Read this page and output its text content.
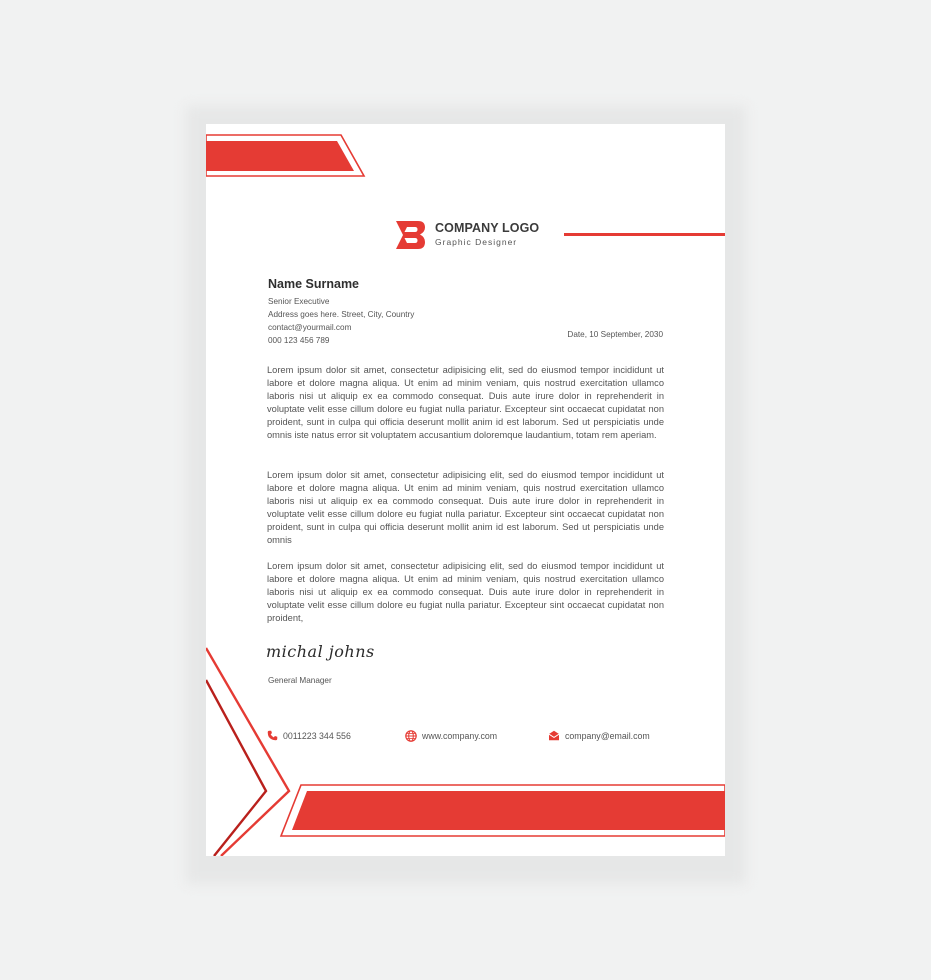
COMPANY LOGO
Graphic Designer
Name Surname
Senior Executive
Address goes here. Street, City, Country
contact@yourmail.com
000 123 456 789
Date, 10 September, 2030
Lorem ipsum dolor sit amet, consectetur adipisicing elit, sed do eiusmod tempor incididunt ut labore et dolore magna aliqua. Ut enim ad minim veniam, quis nostrud exercitation ullamco laboris nisi ut aliquip ex ea commodo consequat. Duis aute irure dolor in reprehenderit in voluptate velit esse cillum dolore eu fugiat nulla pariatur. Excepteur sint occaecat cupidatat non proident, sunt in culpa qui officia deserunt mollit anim id est laborum. Sed ut perspiciatis unde omnis iste natus error sit voluptatem accusantium doloremque laudantium, totam rem aperiam.
Lorem ipsum dolor sit amet, consectetur adipisicing elit, sed do eiusmod tempor incididunt ut labore et dolore magna aliqua. Ut enim ad minim veniam, quis nostrud exercitation ullamco laboris nisi ut aliquip ex ea commodo consequat. Duis aute irure dolor in reprehenderit in voluptate velit esse cillum dolore eu fugiat nulla pariatur. Excepteur sint occaecat cupidatat non proident, sunt in culpa qui officia deserunt mollit anim id est laborum. Sed ut perspiciatis unde omnis
Lorem ipsum dolor sit amet, consectetur adipisicing elit, sed do eiusmod tempor incididunt ut labore et dolore magna aliqua. Ut enim ad minim veniam, quis nostrud exercitation ullamco laboris nisi ut aliquip ex ea commodo consequat. Duis aute irure dolor in reprehenderit in voluptate velit esse cillum dolore eu fugiat nulla pariatur. Excepteur sint occaecat cupidatat non proident,
michal johns
General Manager
0011223 344 556	www.company.com	company@email.com
